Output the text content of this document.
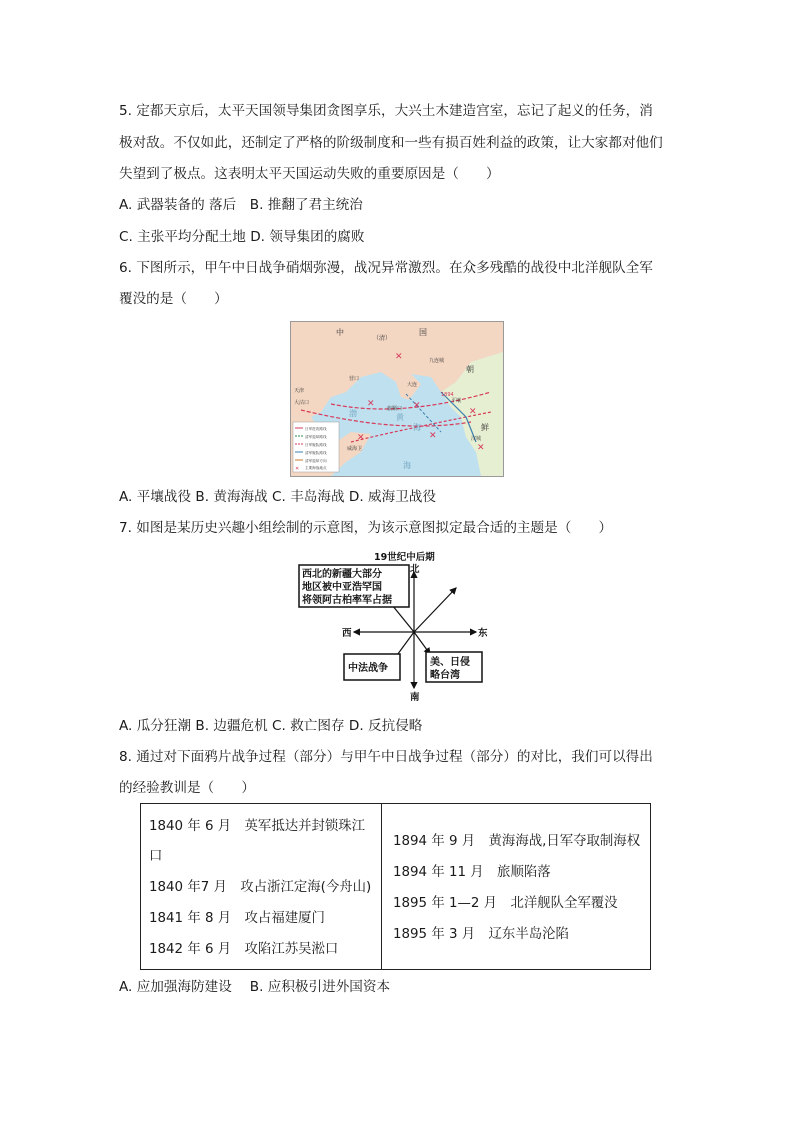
5. 定都天京后，太平天国领导集团贪图享乐，大兴土木建造宫室，忘记了起义的任务，消
极对敌。不仅如此，还制定了严格的阶级制度和一些有损百姓利益的政策，让大家都对他们
失望到了极点。这表明太平天国运动失败的重要原因是（　　）
A. 武器装备的 落后　B. 推翻了君主统治
C. 主张平均分配土地 D. 领导集团的腐败
6. 下图所示，甲午中日战争硝烟弥漫，战况异常激烈。在众多残酷的战役中北洋舰队全军
覆没的是（　　）
✕
✕	✕
✕	✕
✕
✕
中
（清）
国
朝
鲜
汉城
平壤
旅顺口
大连
威海卫
天津
大沽口
营口
九连城
1894
渤	黄
海
海
日军进攻路线
清军退却路线
日军舰队路线
清军舰队路线
清军退却方向
✕ 主要海战地点
A. 平壤战役 B. 黄海海战 C. 丰岛海战 D. 威海卫战役
7. 如图是某历史兴趣小组绘制的示意图，为该示意图拟定最合适的主题是（　　）
19世纪中后期
北
南
东
西
西北的新疆大部分
地区被中亚浩罕国
将领阿古柏率军占据
中法战争
美、日侵
略台湾
A. 瓜分狂潮 B. 边疆危机 C. 救亡图存 D. 反抗侵略
8. 通过对下面鸦片战争过程（部分）与甲午中日战争过程（部分）的对比，我们可以得出
的经验教训是（　　）
1840 年 6 月　英军抵达并封锁珠江
口
1840 年7 月　攻占浙江定海(今舟山)
1841 年 8 月　攻占福建厦门
1842 年 6 月　攻陷江苏吴淞口
1894 年 9 月　黄海海战,日军夺取制海权
1894 年 11 月　旅顺陷落
1895 年 1—2 月　北洋舰队全军覆没
1895 年 3 月　辽东半岛沦陷
A. 应加强海防建设　 B. 应积极引进外国资本
